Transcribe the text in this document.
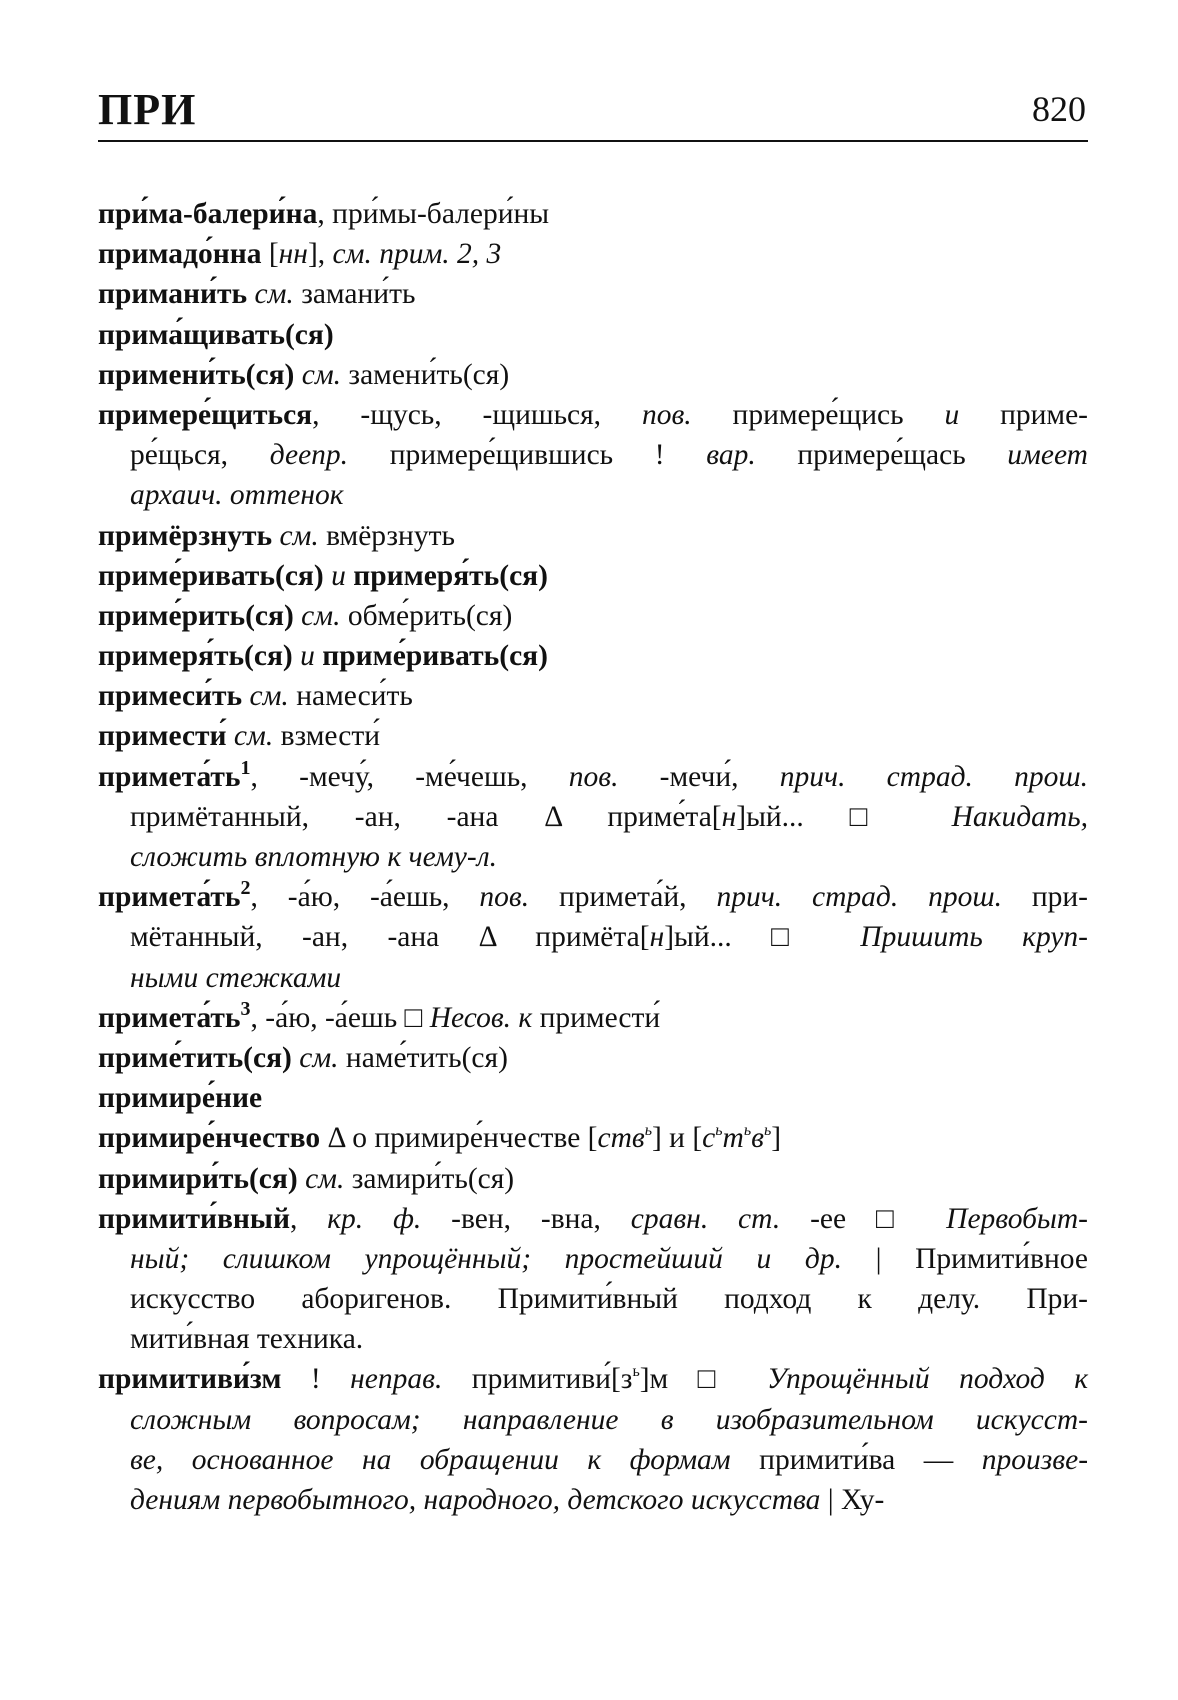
ПРИ	820
при́ма-балери́на, при́мы-балери́ны
примадо́нна [нн], см. прим. 2, 3
примани́ть см. замани́ть
прима́щивать(ся)
примени́ть(ся) см. замени́ть(ся)
примере́щиться, -щусь, -щишься, пов. примере́щись и приме-
ре́щься, деепр. примере́щившись ! вар. примере́щась имеет
архаич. оттенок
примёрзнуть см. вмёрзнуть
приме́ривать(ся) и примеря́ть(ся)
приме́рить(ся) см. обме́рить(ся)
примеря́ть(ся) и приме́ривать(ся)
примеси́ть см. намеси́ть
примести́ см. взмести́
$примета́ть^1$, -мечу́, -ме́чешь, пов. -мечи́, прич. страд. прош.
примётанный, -ан, -ана Δ приме́та[н]ый... □ Накидать,
сложить вплотную к чему-л.
$примета́ть^2$, -а́ю, -а́ешь, пов. примета́й, прич. страд. прош. при-
мётанный, -ан, -ана Δ примёта[н]ый... □ Пришить круп-
ными стежками
$примета́ть^3$, -а́ю, -а́ешь □ Несов. к примести́
приме́тить(ся) см. наме́тить(ся)
примире́ние
примире́нчество Δ о примире́нчестве [ств$^ь$] и $[с^ьт^ьв^ь]$
примири́ть(ся) см. замири́ть(ся)
примити́вный, кр. ф. -вен, -вна, сравн. ст. -ее □ Первобыт-
ный; слишком упрощённый; простейший и др. | Примити́вное
искусство аборигенов. Примити́вный подход к делу. При-
мити́вная техника.
примитиви́зм ! неправ. $примитиви́[з^ь]м$ □ Упрощённый подход к
сложным вопросам; направление в изобразительном искусст-
ве, основанное на обращении к формам примити́ва — произве-
дениям первобытного, народного, детского искусства | Ху-
